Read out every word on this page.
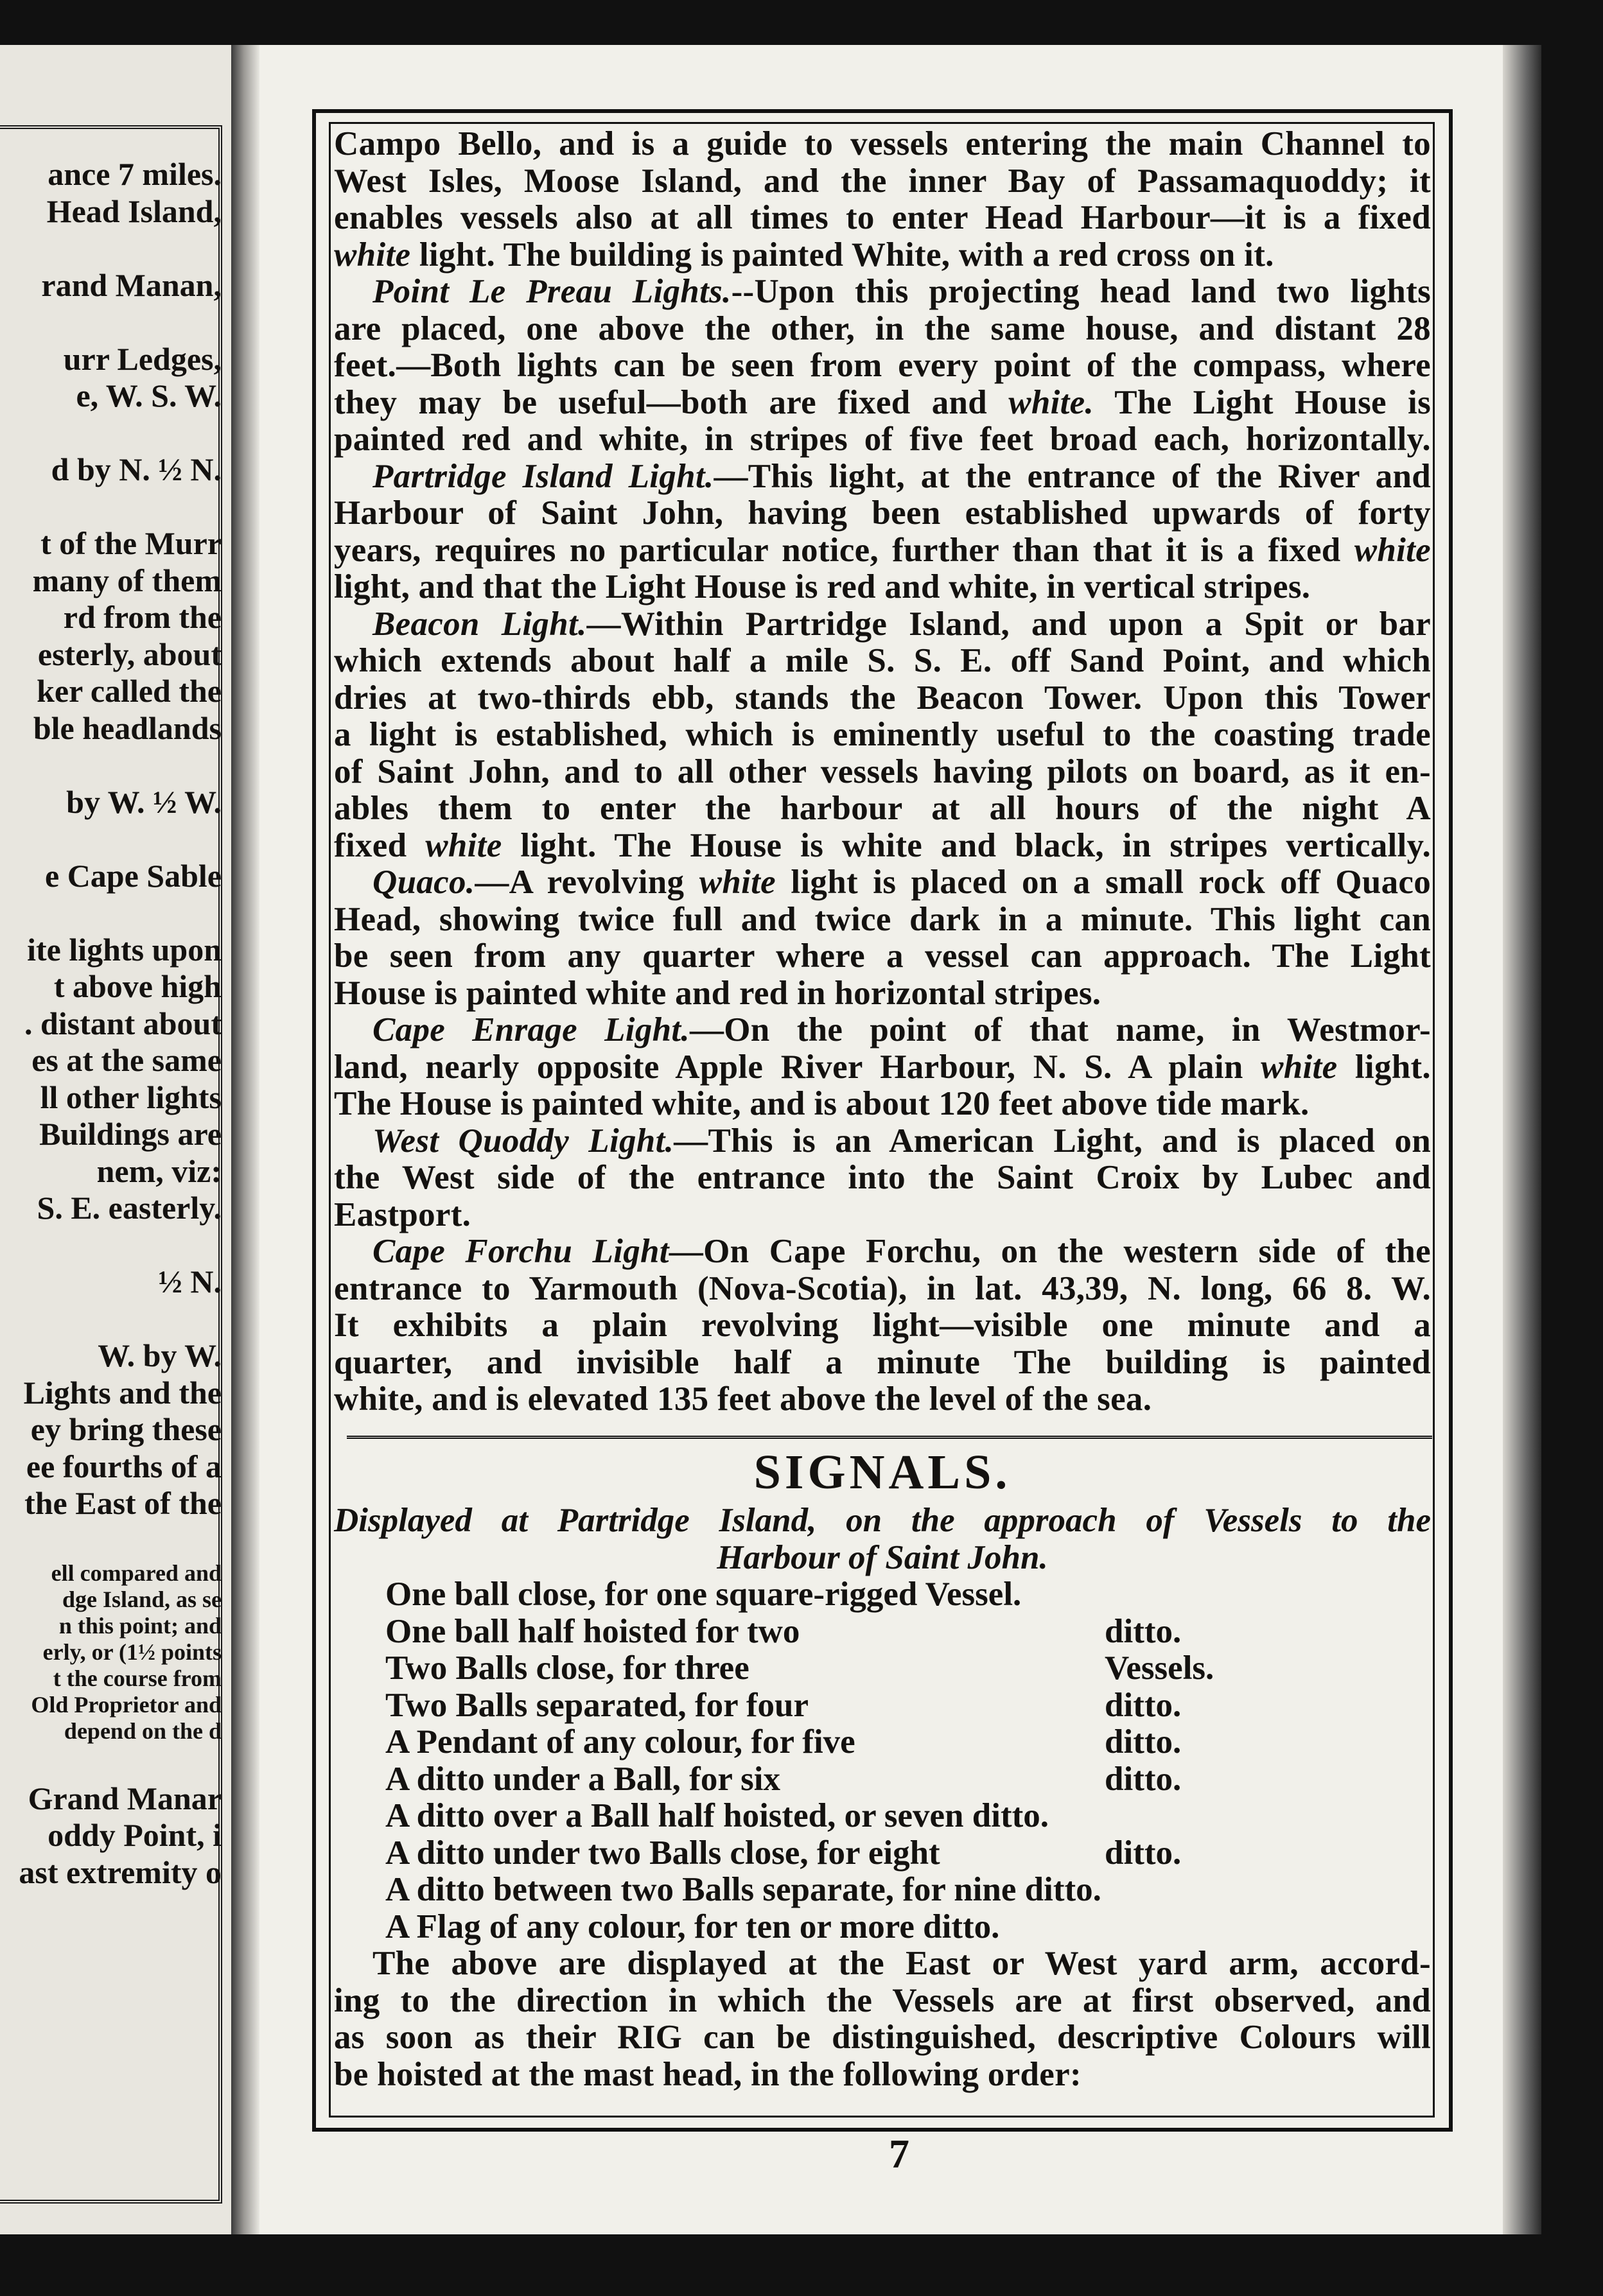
ance 7 miles.
Head Island,
rand Manan,
urr Ledges,
e, W. S. W.
d by N. ½ N.
t of the Murr
many of them
rd from the
esterly, about
ker called the
ble headlands
by W. ½ W.
e Cape Sable
ite lights upon
t above high
. distant about
es at the same
ll other lights
Buildings are
nem, viz:
S. E. easterly.
½ N.
W. by W.
Lights and the
ey bring these
ee fourths of a
the East of the
ell compared and
dge Island, as se
n this point; and
erly, or (1½ points
t the course from
Old Proprietor and
depend on the d
Grand Manar
oddy Point, i
ast extremity o
Campo Bello, and is a guide to vessels entering the main Channel to
West Isles, Moose Island, and the inner Bay of Passamaquoddy; it
enables vessels also at all times to enter Head Harbour—it is a fixed
white light. The building is painted White, with a red cross on it.
Point Le Preau Lights.--Upon this projecting head land two lights
are placed, one above the other, in the same house, and distant 28
feet.—Both lights can be seen from every point of the compass, where
they may be useful—both are fixed and white. The Light House is
painted red and white, in stripes of five feet broad each, horizontally.
Partridge Island Light.—This light, at the entrance of the River and
Harbour of Saint John, having been established upwards of forty
years, requires no particular notice, further than that it is a fixed white
light, and that the Light House is red and white, in vertical stripes.
Beacon Light.—Within Partridge Island, and upon a Spit or bar
which extends about half a mile S. S. E. off Sand Point, and which
dries at two-thirds ebb, stands the Beacon Tower. Upon this Tower
a light is established, which is eminently useful to the coasting trade
of Saint John, and to all other vessels having pilots on board, as it en-
ables them to enter the harbour at all hours of the night A
fixed white light. The House is white and black, in stripes vertically.
Quaco.—A revolving white light is placed on a small rock off Quaco
Head, showing twice full and twice dark in a minute. This light can
be seen from any quarter where a vessel can approach. The Light
House is painted white and red in horizontal stripes.
Cape Enrage Light.—On the point of that name, in Westmor-
land, nearly opposite Apple River Harbour, N. S. A plain white light.
The House is painted white, and is about 120 feet above tide mark.
West Quoddy Light.—This is an American Light, and is placed on
the West side of the entrance into the Saint Croix by Lubec and
Eastport.
Cape Forchu Light—On Cape Forchu, on the western side of the
entrance to Yarmouth (Nova-Scotia), in lat. 43,39, N. long, 66 8. W.
It exhibits a plain revolving light—visible one minute and a
quarter, and invisible half a minute The building is painted
white, and is elevated 135 feet above the level of the sea.
SIGNALS.
Displayed at Partridge Island, on the approach of Vessels to the
Harbour of Saint John.
One ball close, for one square-rigged Vessel.
One ball half hoisted for two	ditto.
Two Balls close, for three	Vessels.
Two Balls separated, for four	ditto.
A Pendant of any colour, for five	ditto.
A ditto under a Ball, for six	ditto.
A ditto over a Ball half hoisted, or seven ditto.
A ditto under two Balls close, for eight	ditto.
A ditto between two Balls separate, for nine ditto.
A Flag of any colour, for ten or more ditto.
The above are displayed at the East or West yard arm, accord-
ing to the direction in which the Vessels are at first observed, and
as soon as their RIG can be distinguished, descriptive Colours will
be hoisted at the mast head, in the following order:
7
